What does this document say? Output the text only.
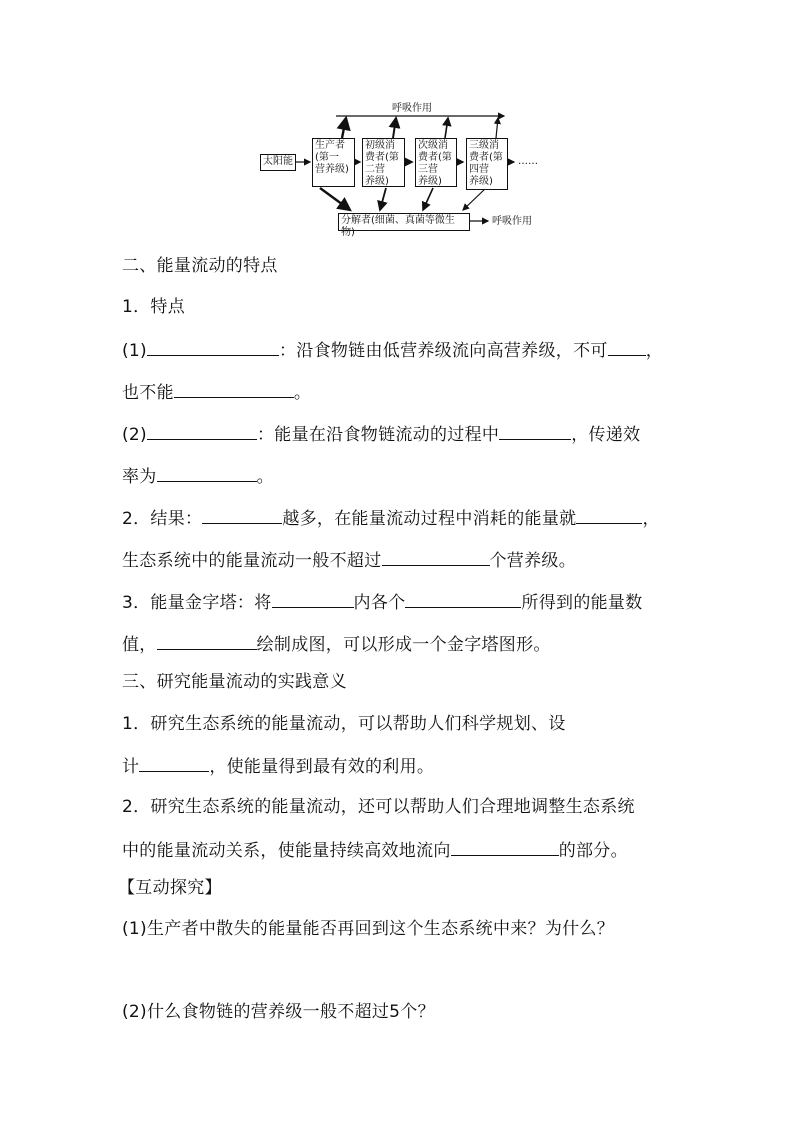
呼吸作用
太阳能
生产者
(第一
营养级)
初级消
费者(第
二营
养级)
次级消
费者(第
三营
养级)
三级消
费者(第
四营
养级)
……
分解者(细菌、真菌等微生物)
呼吸作用
二、能量流动的特点
1．特点
(1)	：沿食物链由低营养级流向高营养级，不可 ，
也不能	。
(2)	：能量在沿食物链流动的过程中	，传递效
率为	。
2．结果：	越多，在能量流动过程中消耗的能量就	，
生态系统中的能量流动一般不超过	个营养级。
3．能量金字塔：将	内各个	所得到的能量数
值，	绘制成图，可以形成一个金字塔图形。
三、研究能量流动的实践意义
1．研究生态系统的能量流动，可以帮助人们科学规划、设
计	，使能量得到最有效的利用。
2．研究生态系统的能量流动，还可以帮助人们合理地调整生态系统
中的能量流动关系，使能量持续高效地流向	的部分。
【互动探究】
(1)生产者中散失的能量能否再回到这个生态系统中来？为什么？
(2)什么食物链的营养级一般不超过5个？
